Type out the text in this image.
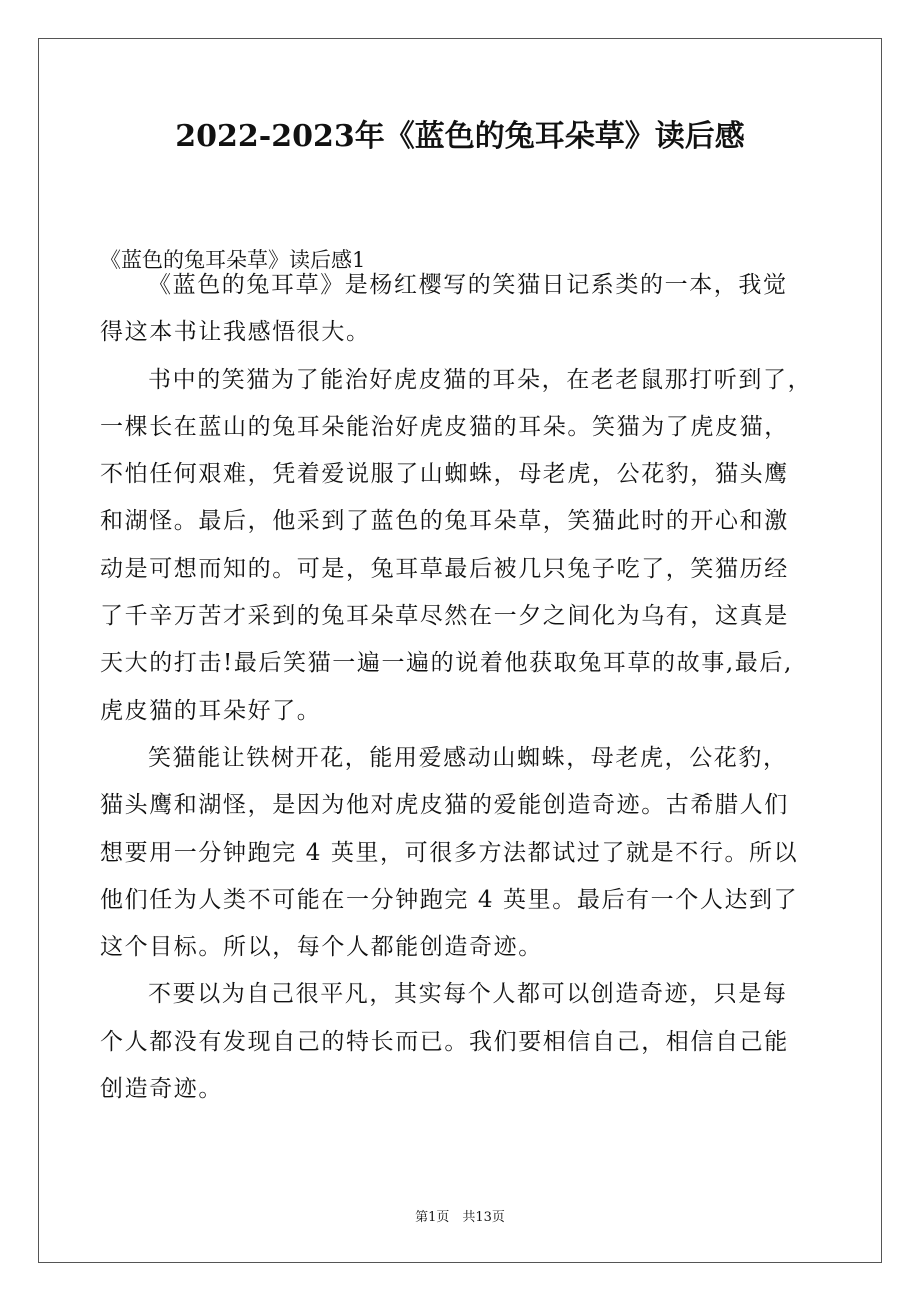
2022-2023年《蓝色的兔耳朵草》读后感
《蓝色的兔耳朵草》读后感1
《蓝色的兔耳草》是杨红樱写的笑猫日记系类的一本，我觉
得这本书让我感悟很大。
书中的笑猫为了能治好虎皮猫的耳朵，在老老鼠那打听到了，
一棵长在蓝山的兔耳朵能治好虎皮猫的耳朵。笑猫为了虎皮猫，
不怕任何艰难，凭着爱说服了山蜘蛛，母老虎，公花豹，猫头鹰
和湖怪。最后，他采到了蓝色的兔耳朵草，笑猫此时的开心和激
动是可想而知的。可是，兔耳草最后被几只兔子吃了，笑猫历经
了千辛万苦才采到的兔耳朵草尽然在一夕之间化为乌有，这真是
天大的打击!最后笑猫一遍一遍的说着他获取兔耳草的故事,最后,
虎皮猫的耳朵好了。
笑猫能让铁树开花，能用爱感动山蜘蛛，母老虎，公花豹，
猫头鹰和湖怪，是因为他对虎皮猫的爱能创造奇迹。古希腊人们
想要用一分钟跑完 4 英里，可很多方法都试过了就是不行。所以
他们任为人类不可能在一分钟跑完 4 英里。最后有一个人达到了
这个目标。所以，每个人都能创造奇迹。
不要以为自己很平凡，其实每个人都可以创造奇迹，只是每
个人都没有发现自己的特长而已。我们要相信自己，相信自己能
创造奇迹。
第1页　共13页
